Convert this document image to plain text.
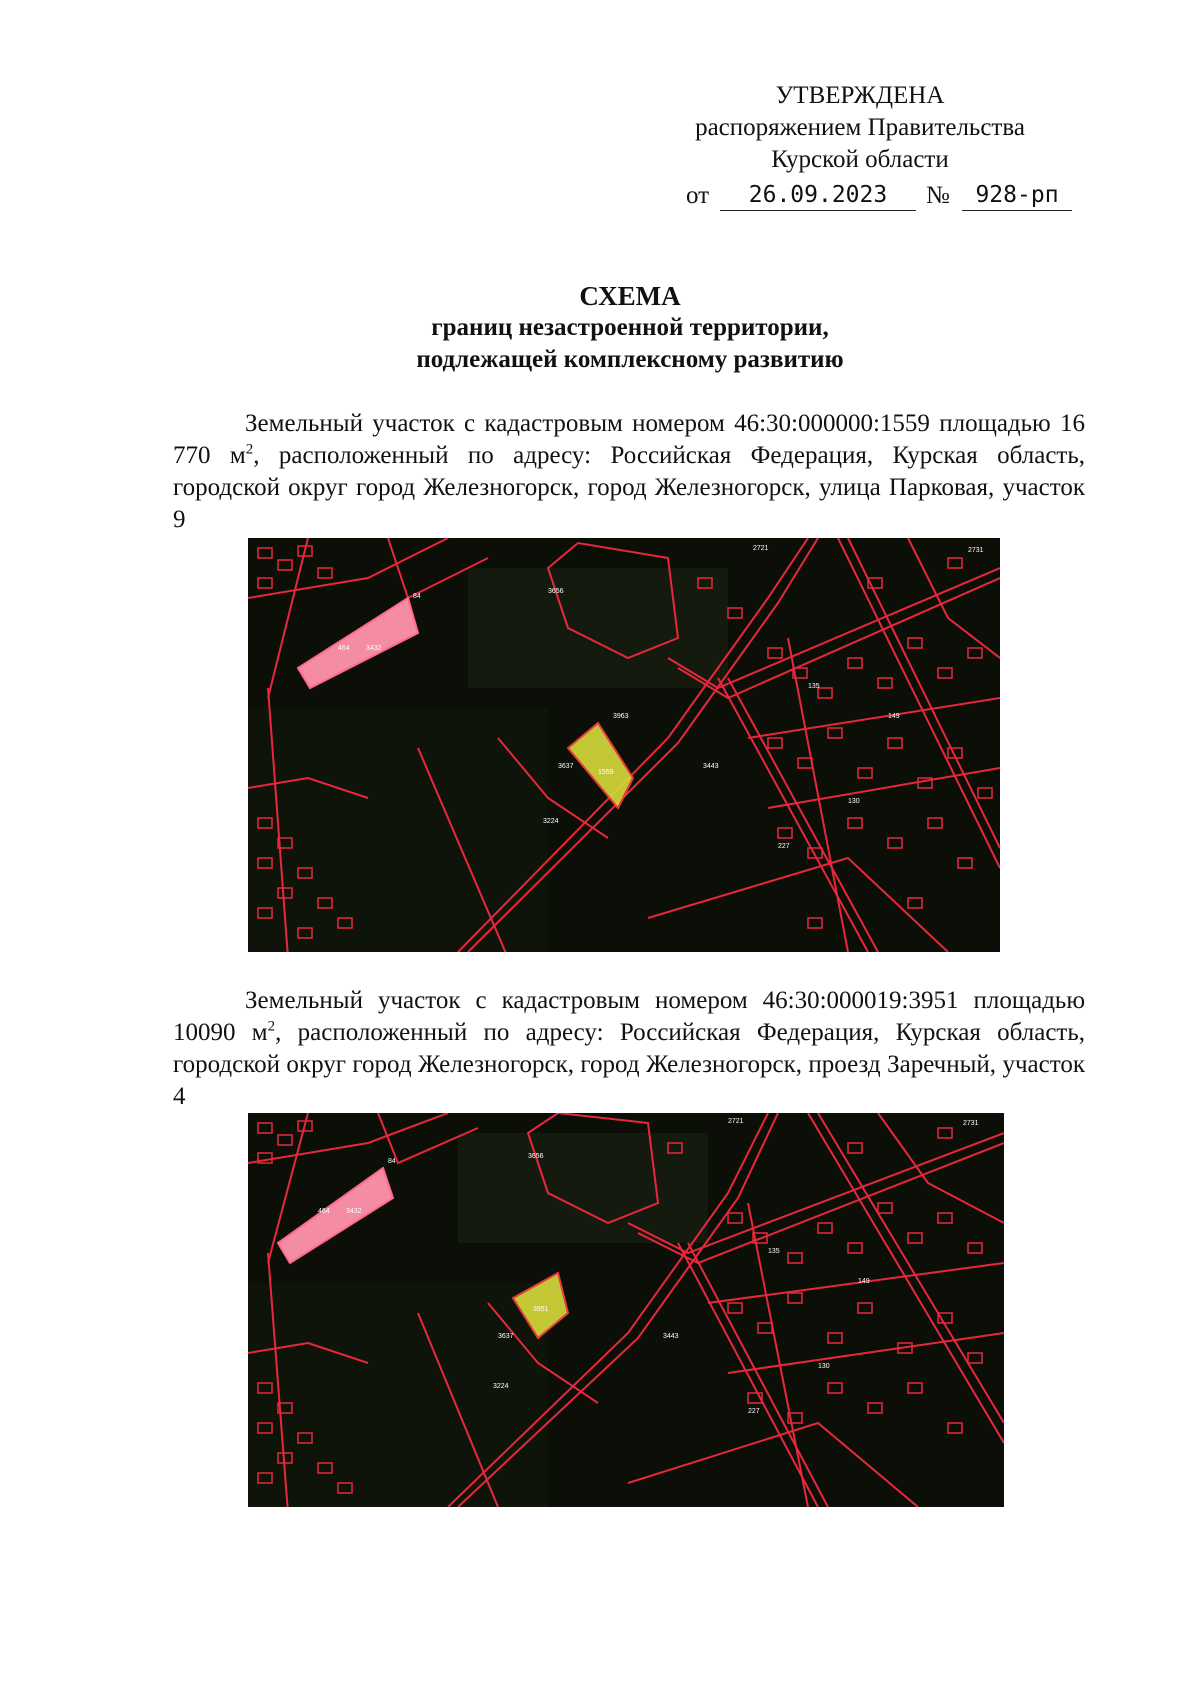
УТВЕРЖДЕНА
распоряжением Правительства
Курской области
от	26.09.2023	№	928-рп
СХЕМА
границ незастроенной территории,
подлежащей комплексному развитию
Земельный участок с кадастровым номером 46:30:000000:1559 площадью 16 770 $м^2$, расположенный по адресу: Российская Федерация, Курская область, городской округ город Железногорск, город Железногорск, улица Парковая, участок 9
464 3432
84
3656
3637
3224
3963
1559
2721	2731
3443
135
149
227
130
Земельный участок с кадастровым номером 46:30:000019:3951 площадью 10090 $м^2$, расположенный по адресу: Российская Федерация, Курская область, городской округ город Железногорск, город Железногорск, проезд Заречный, участок 4
464 3432
84
3656
3637
3224
3951
2721	2731
3443
135
149
227
130
